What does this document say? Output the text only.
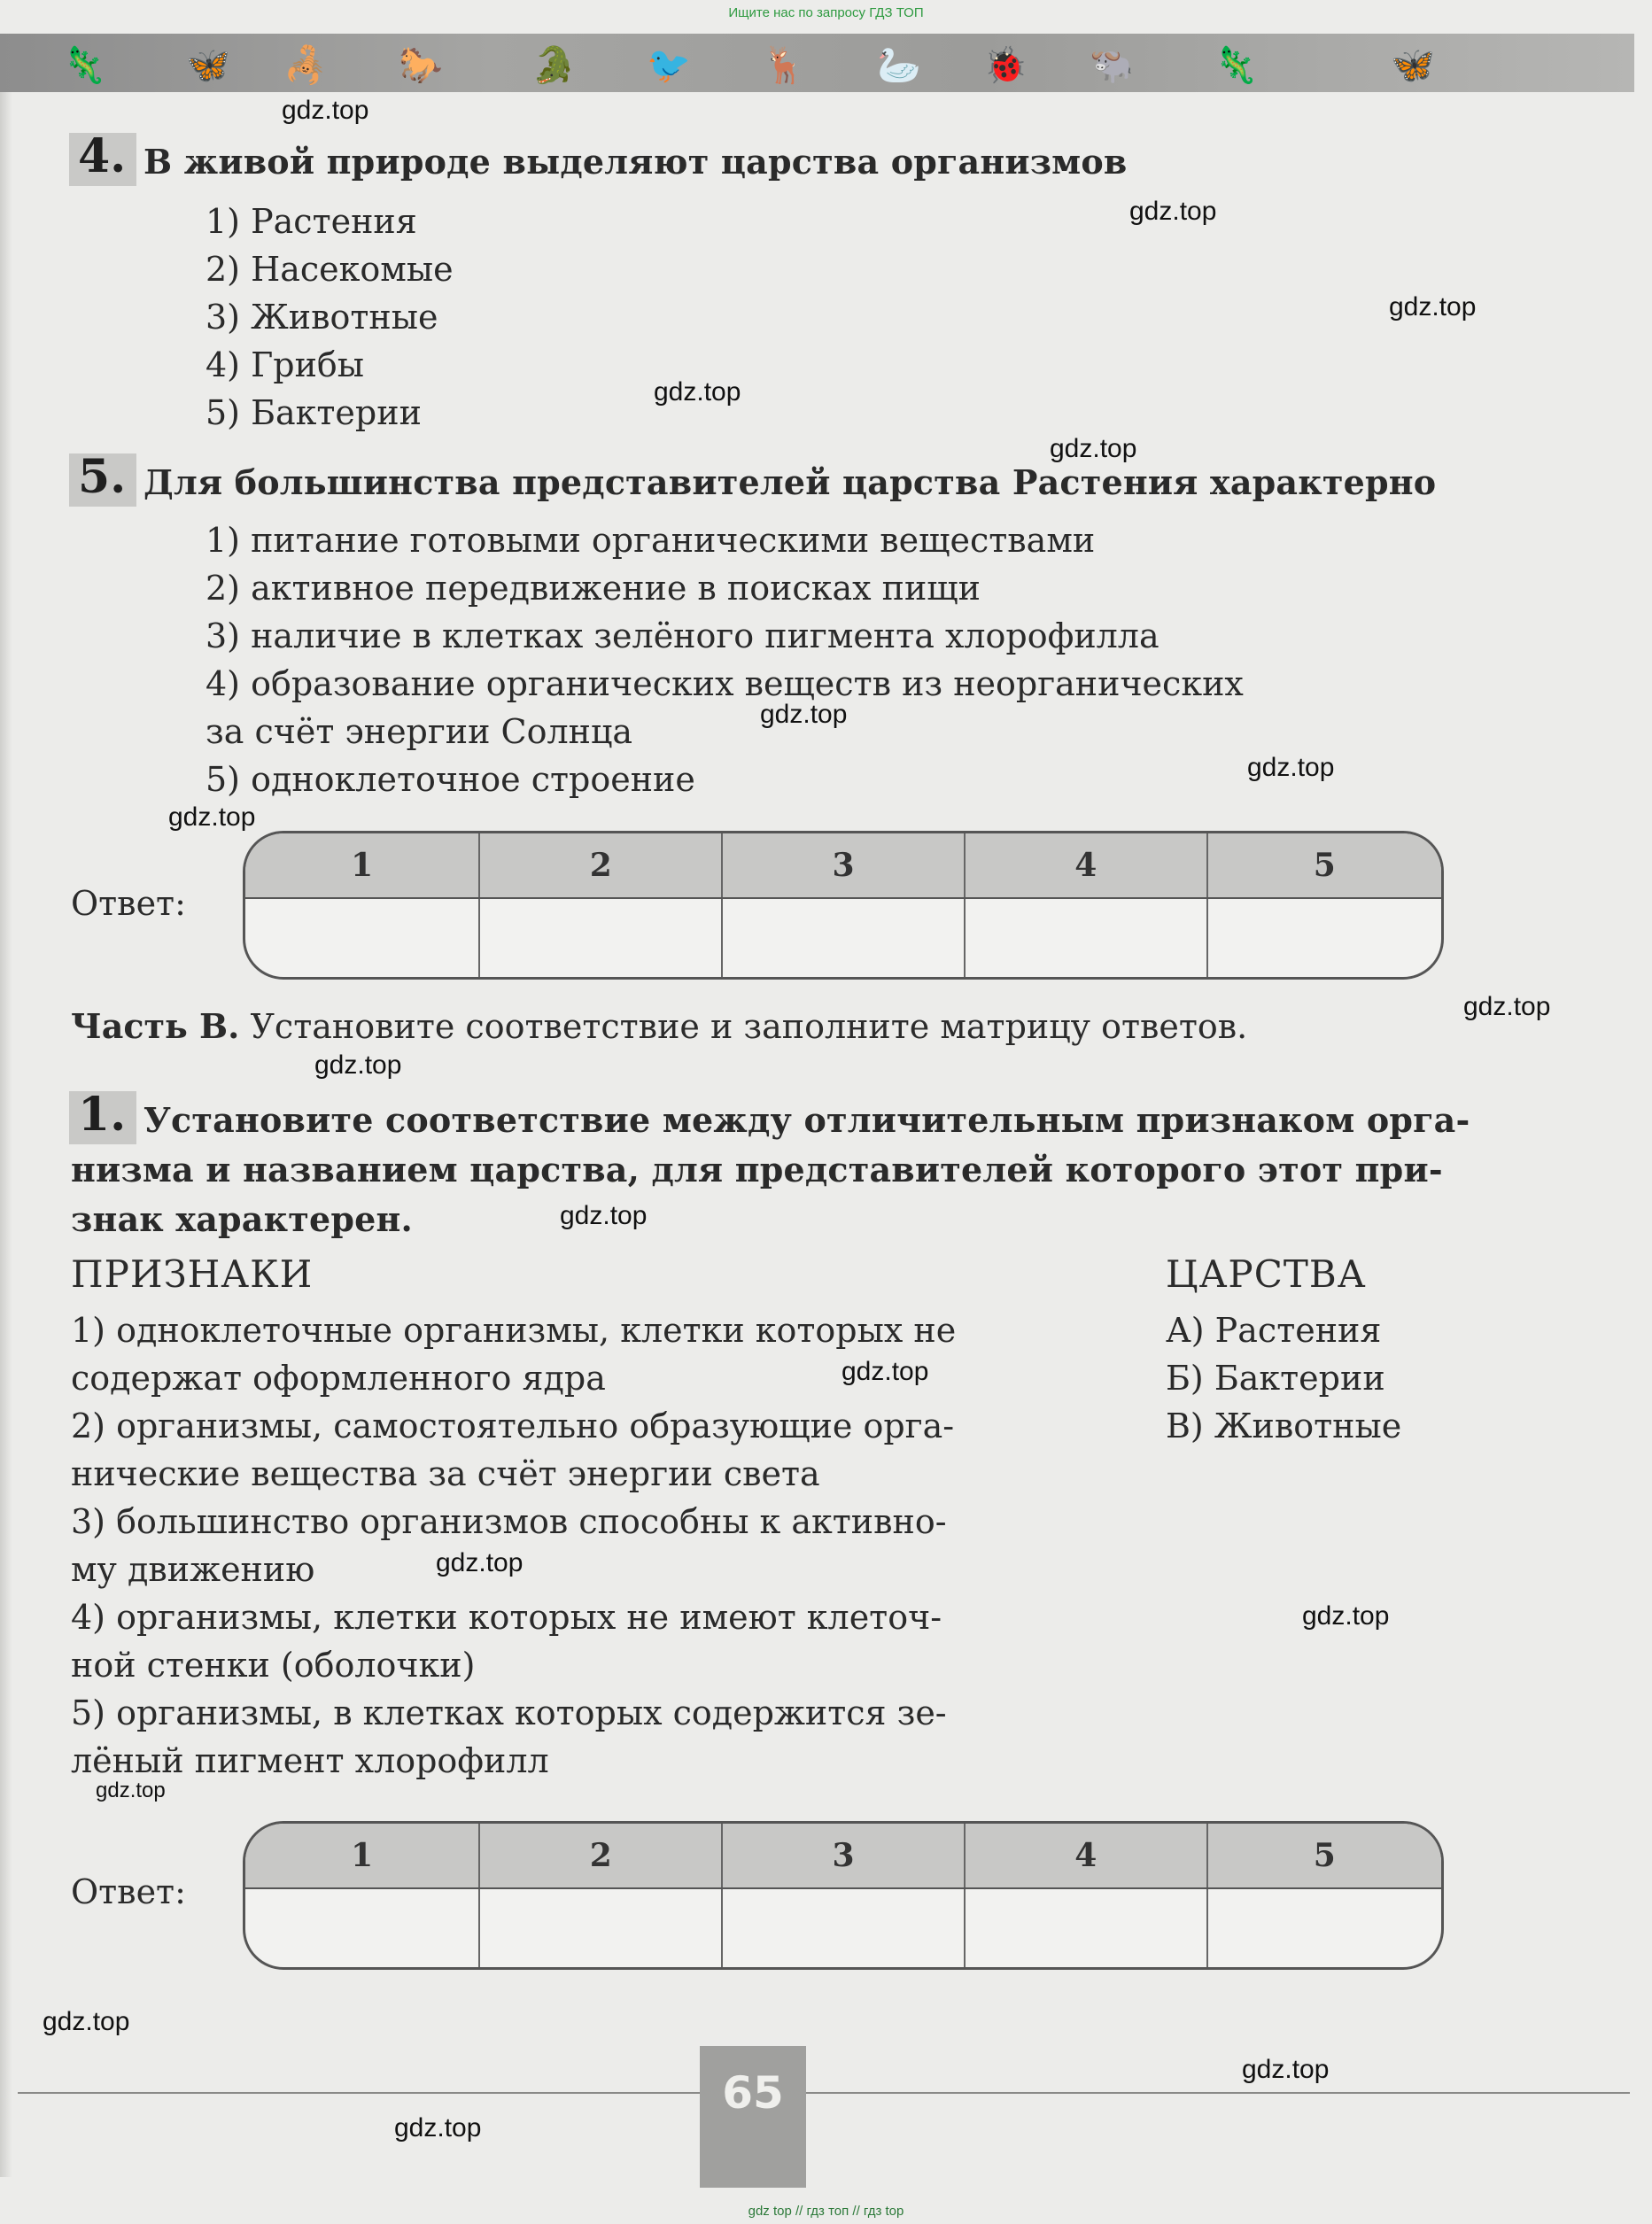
Ищите нас по запросу ГДЗ ТОП
🦎 🦋 🦂 🐎	🐊 🐦 🦌 🦢 🐞 🐃 🦎	🦋
gdz.top
gdz.top
gdz.top
gdz.top
gdz.top
gdz.top
gdz.top
gdz.top
gdz.top
gdz.top
gdz.top
gdz.top
gdz.top
gdz.top
gdz.top
gdz.top
gdz.top
gdz.top
4. В живой природе выделяют царства организмов
1) Растения
2) Насекомые
3) Животные
4) Грибы
5) Бактерии
5. Для большинства представителей царства Растения характерно
1) питание готовыми органическими веществами
2) активное передвижение в поисках пищи
3) наличие в клетках зелёного пигмента хлорофилла
4) образование органических веществ из неорганических
за счёт энергии Солнца
5) одноклеточное строение
Ответ:
1	2	3	4	5

Часть В. Установите соответствие и заполните матрицу ответов.
1. Установите соответствие между отличительным признаком орга-
низма и названием царства, для представителей которого этот при-
знак характерен.
ПРИЗНАКИ	ЦАРСТВА
1) одноклеточные организмы, клетки которых не
содержат оформленного ядра
2) организмы, самостоятельно образующие орга-
нические вещества за счёт энергии света
3) большинство организмов способны к активно-
му движению
4) организмы, клетки которых не имеют клеточ-
ной стенки (оболочки)
5) организмы, в клетках которых содержится зе-
лёный пигмент хлорофилл
А) Растения
Б) Бактерии
В) Животные
Ответ:
1	2	3	4	5

65
gdz top // гдз топ // гдз top
